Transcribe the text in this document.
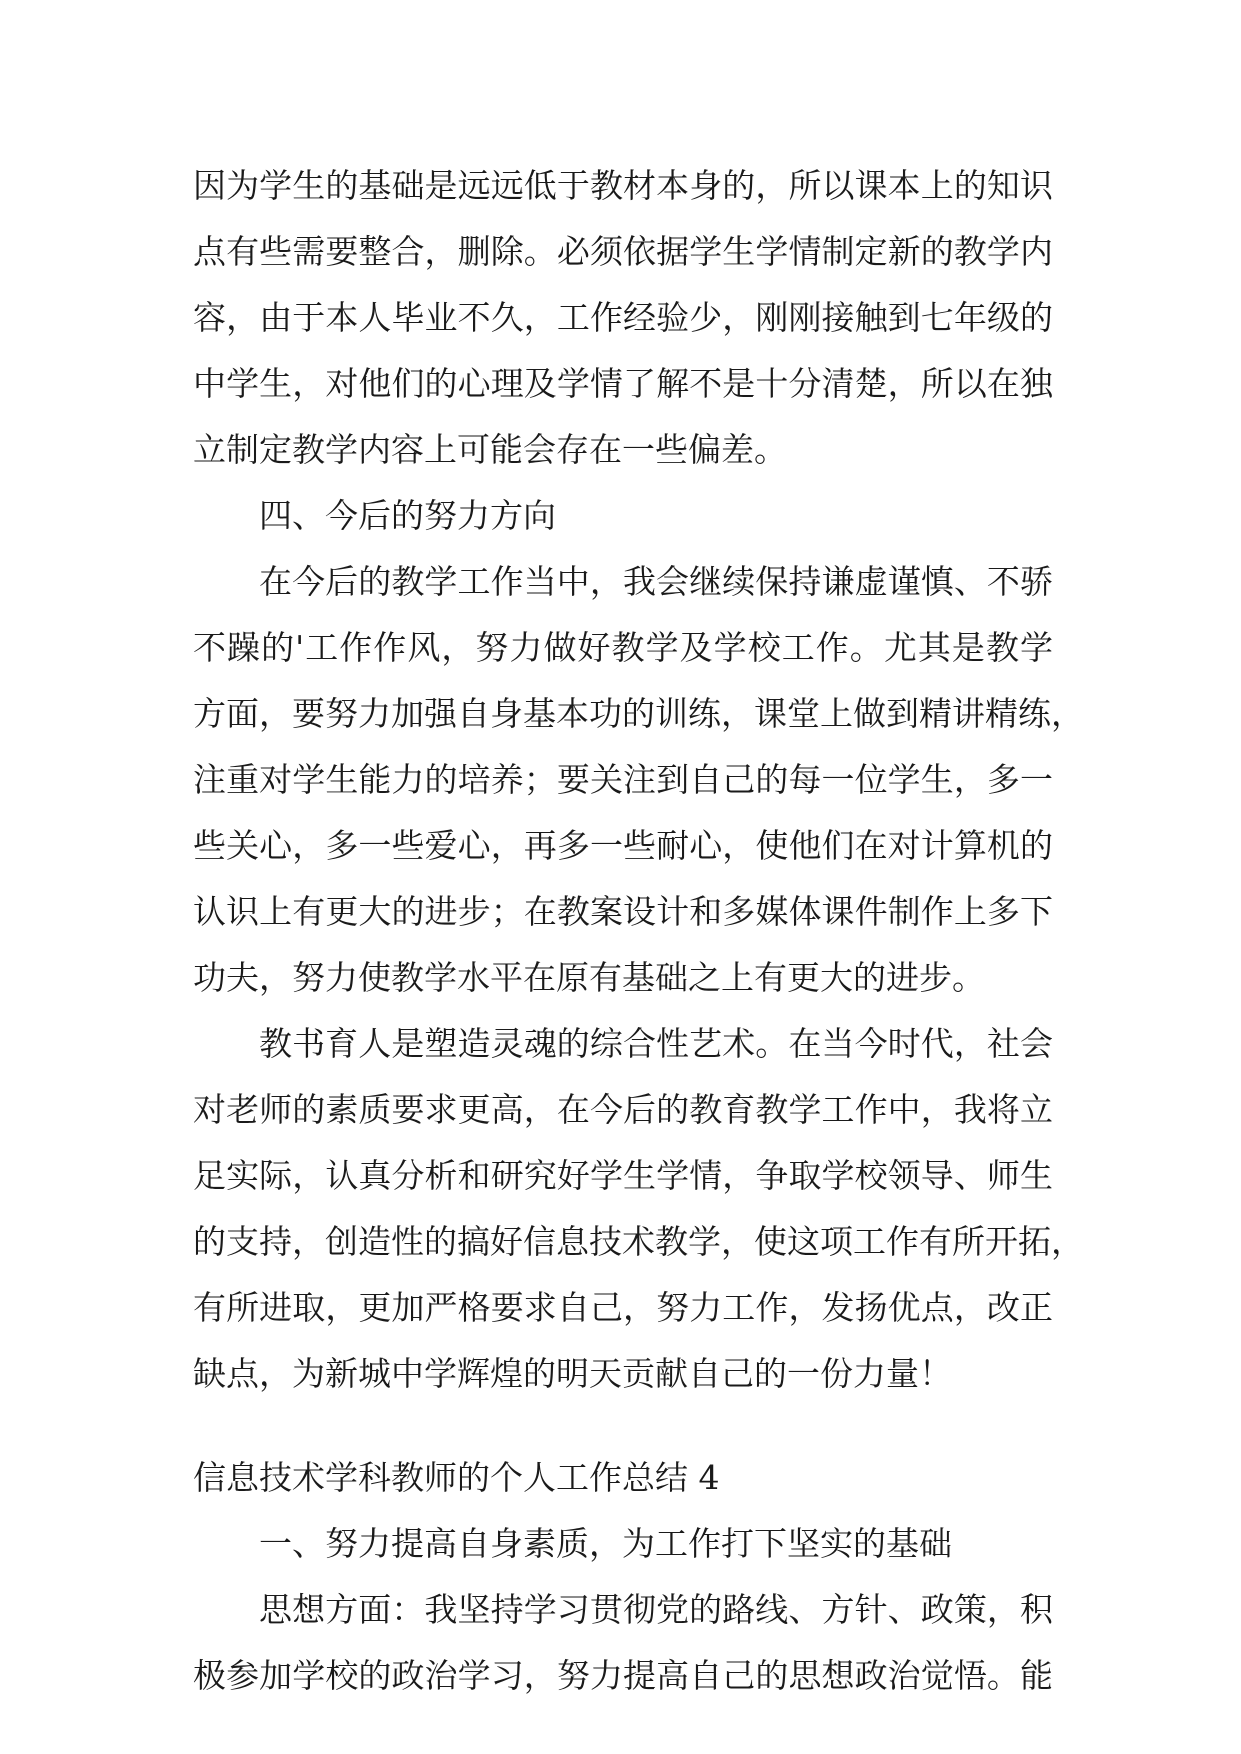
因为学生的基础是远远低于教材本身的，所以课本上的知识
点有些需要整合，删除。必须依据学生学情制定新的教学内
容，由于本人毕业不久，工作经验少，刚刚接触到七年级的
中学生，对他们的心理及学情了解不是十分清楚，所以在独
立制定教学内容上可能会存在一些偏差。
四、今后的努力方向
在今后的教学工作当中，我会继续保持谦虚谨慎、不骄
不躁的'工作作风，努力做好教学及学校工作。尤其是教学
方面，要努力加强自身基本功的训练，课堂上做到精讲精练，
注重对学生能力的培养；要关注到自己的每一位学生，多一
些关心，多一些爱心，再多一些耐心，使他们在对计算机的
认识上有更大的进步；在教案设计和多媒体课件制作上多下
功夫，努力使教学水平在原有基础之上有更大的进步。
教书育人是塑造灵魂的综合性艺术。在当今时代，社会
对老师的素质要求更高，在今后的教育教学工作中，我将立
足实际，认真分析和研究好学生学情，争取学校领导、师生
的支持，创造性的搞好信息技术教学，使这项工作有所开拓，
有所进取，更加严格要求自己，努力工作，发扬优点，改正
缺点，为新城中学辉煌的明天贡献自己的一份力量！
信息技术学科教师的个人工作总结 4
一、努力提高自身素质，为工作打下坚实的基础
思想方面：我坚持学习贯彻党的路线、方针、政策，积
极参加学校的政治学习，努力提高自己的思想政治觉悟。能
